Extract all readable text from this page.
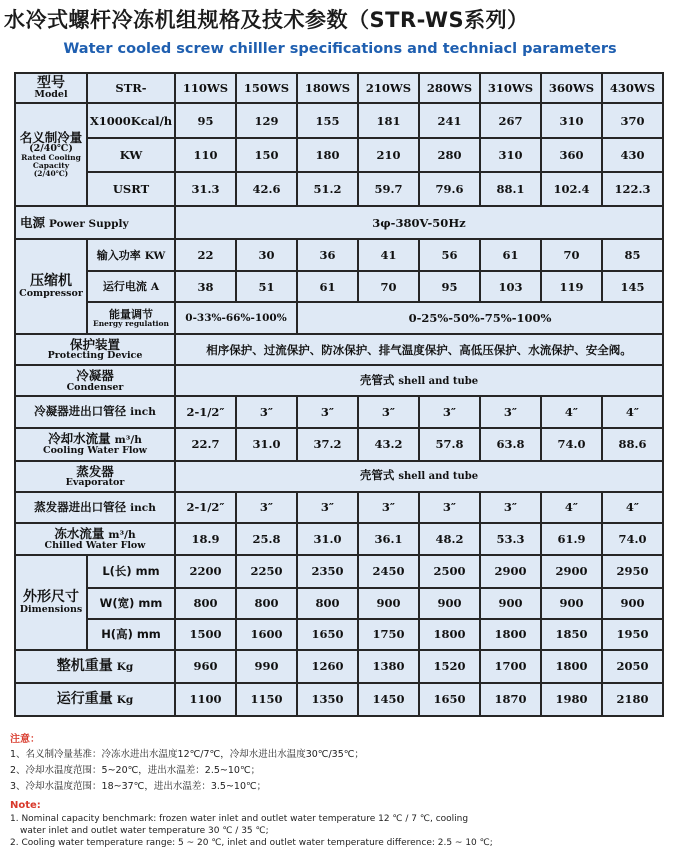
水冷式螺杆冷冻机组规格及技术参数（STR-WS系列）
Water cooled screw chilller specifications and techniacl parameters
型号
Model	STR-	110WS	150WS	180WS	210WS	280WS	310WS	360WS	430WS
名义制冷量
(2/40℃)
Rated Cooling Capacity
(2/40℃)	X1000Kcal/h	95	129	155	181	241	267	310	370
	KW	110	150	180	210	280	310	360	430
	USRT	31.3	42.6	51.2	59.7	79.6	88.1	102.4	122.3
电源 Power Supply		3φ-380V-50Hz							

压缩机
Compressor	输入功率 KW	22	30	36	41	56	61	70	85
	运行电流 A	38	51	61	70	95	103	119	145

	能量调节
Energy regulation	0-33%-66%-100%		0-25%-50%-75%-100%					

保护装置
Protecting Device		相序保护、过流保护、防冰保护、排气温度保护、高低压保护、水流保护、安全阀。							

冷凝器
Condenser		壳管式 shell and tube							
冷凝器进出口管径 inch		2-1/2″	3″	3″	3″	3″	3″	4″	4″
冷却水流量 m³/h
Cooling Water Flow		22.7	31.0	37.2	43.2	57.8	63.8	74.0	88.6

蒸发器
Evaporator		壳管式 shell and tube							
蒸发器进出口管径 inch		2-1/2″	3″	3″	3″	3″	3″	4″	4″
冻水流量 m³/h
Chilled Water Flow		18.9	25.8	31.0	36.1	48.2	53.3	61.9	74.0

外形尺寸
Dimensions	L(长) mm	2200	2250	2350	2450	2500	2900	2900	2950
	W(宽) mm	800	800	800	900	900	900	900	900
	H(高) mm	1500	1600	1650	1750	1800	1800	1850	1950
整机重量 Kg		960	990	1260	1380	1520	1700	1800	2050
运行重量 Kg		1100	1150	1350	1450	1650	1870	1980	2180
注意：
1、名义制冷量基准：冷冻水进出水温度12℃/7℃，冷却水进出水温度30℃/35℃；
2、冷却水温度范围：5~20℃，进出水温差：2.5~10℃；
3、冷却水温度范围：18~37℃，进出水温差：3.5~10℃；
Note:
1. Nominal capacity benchmark: frozen water inlet and outlet water temperature 12 ℃ / 7 ℃, cooling
water inlet and outlet water temperature 30 ℃ / 35 ℃;
2. Cooling water temperature range: 5 ~ 20 ℃, inlet and outlet water temperature difference: 2.5 ~ 10 ℃;
